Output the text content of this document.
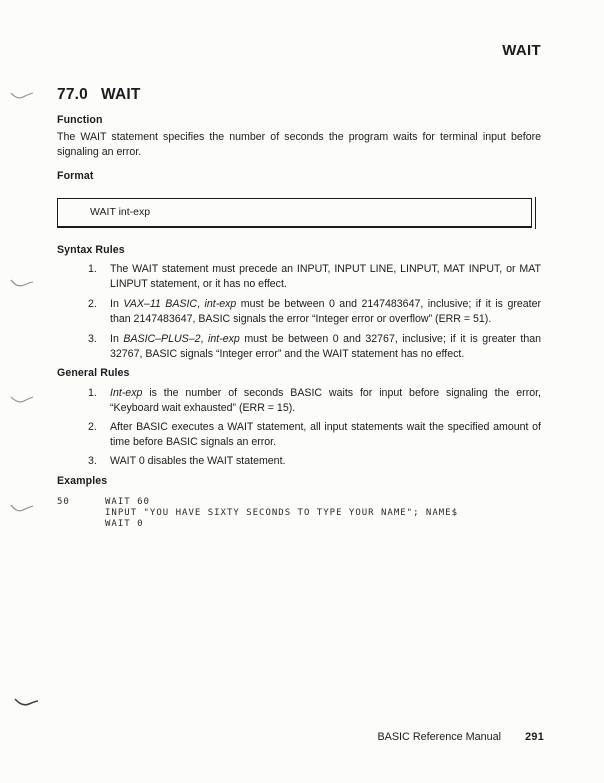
WAIT
77.0 WAIT
Function
The WAIT statement specifies the number of seconds the program waits for terminal input before signaling an error.
Format
WAIT int-exp
Syntax Rules
1.	The WAIT statement must precede an INPUT, INPUT LINE, LINPUT, MAT INPUT, or MAT LINPUT statement, or it has no effect.
2.	In VAX–11 BASIC, int-exp must be between 0 and 2147483647, inclusive; if it is greater than 2147483647, BASIC signals the error “Integer error or overflow” (ERR = 51).
3.	In BASIC–PLUS–2, int-exp must be between 0 and 32767, inclusive; if it is greater than 32767, BASIC signals “Integer error” and the WAIT statement has no effect.
General Rules
1.	Int-exp is the number of seconds BASIC waits for input before signaling the error, “Keyboard wait exhausted” (ERR = 15).
2.	After BASIC executes a WAIT statement, all input statements wait the specified amount of time before BASIC signals an error.
3.	WAIT 0 disables the WAIT statement.
Examples
50	WAIT 60
INPUT "YOU HAVE SIXTY SECONDS TO TYPE YOUR NAME"; NAME$
WAIT 0
BASIC Reference Manual 291
